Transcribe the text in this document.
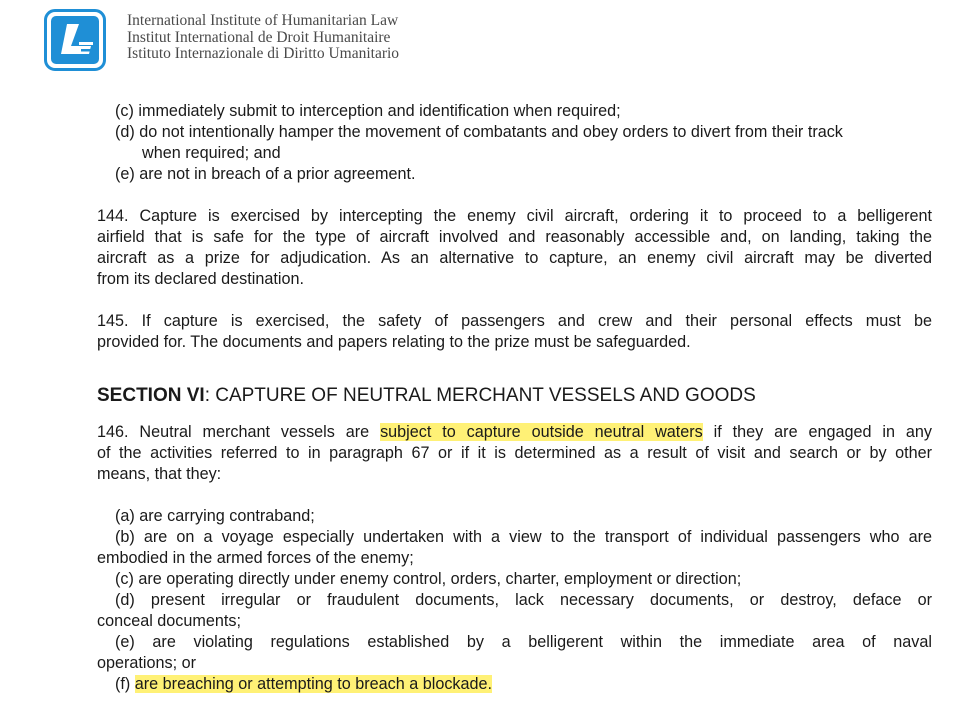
International Institute of Humanitarian Law
Institut International de Droit Humanitaire
Istituto Internazionale di Diritto Umanitario
(c) immediately submit to interception and identification when required;
(d) do not intentionally hamper the movement of combatants and obey orders to divert from their track
when required; and
(e) are not in breach of a prior agreement.
144. Capture is exercised by intercepting the enemy civil aircraft, ordering it to proceed to a belligerent
airfield that is safe for the type of aircraft involved and reasonably accessible and, on landing, taking the
aircraft as a prize for adjudication. As an alternative to capture, an enemy civil aircraft may be diverted
from its declared destination.
145. If capture is exercised, the safety of passengers and crew and their personal effects must be
provided for. The documents and papers relating to the prize must be safeguarded.
SECTION VI: CAPTURE OF NEUTRAL MERCHANT VESSELS AND GOODS
146. Neutral merchant vessels are subject to capture outside neutral waters if they are engaged in any
of the activities referred to in paragraph 67 or if it is determined as a result of visit and search or by other
means, that they:
(a) are carrying contraband;
(b) are on a voyage especially undertaken with a view to the transport of individual passengers who are
embodied in the armed forces of the enemy;
(c) are operating directly under enemy control, orders, charter, employment or direction;
(d) present irregular or fraudulent documents, lack necessary documents, or destroy, deface or
conceal documents;
(e) are violating regulations established by a belligerent within the immediate area of naval
operations; or
(f) are breaching or attempting to breach a blockade.
